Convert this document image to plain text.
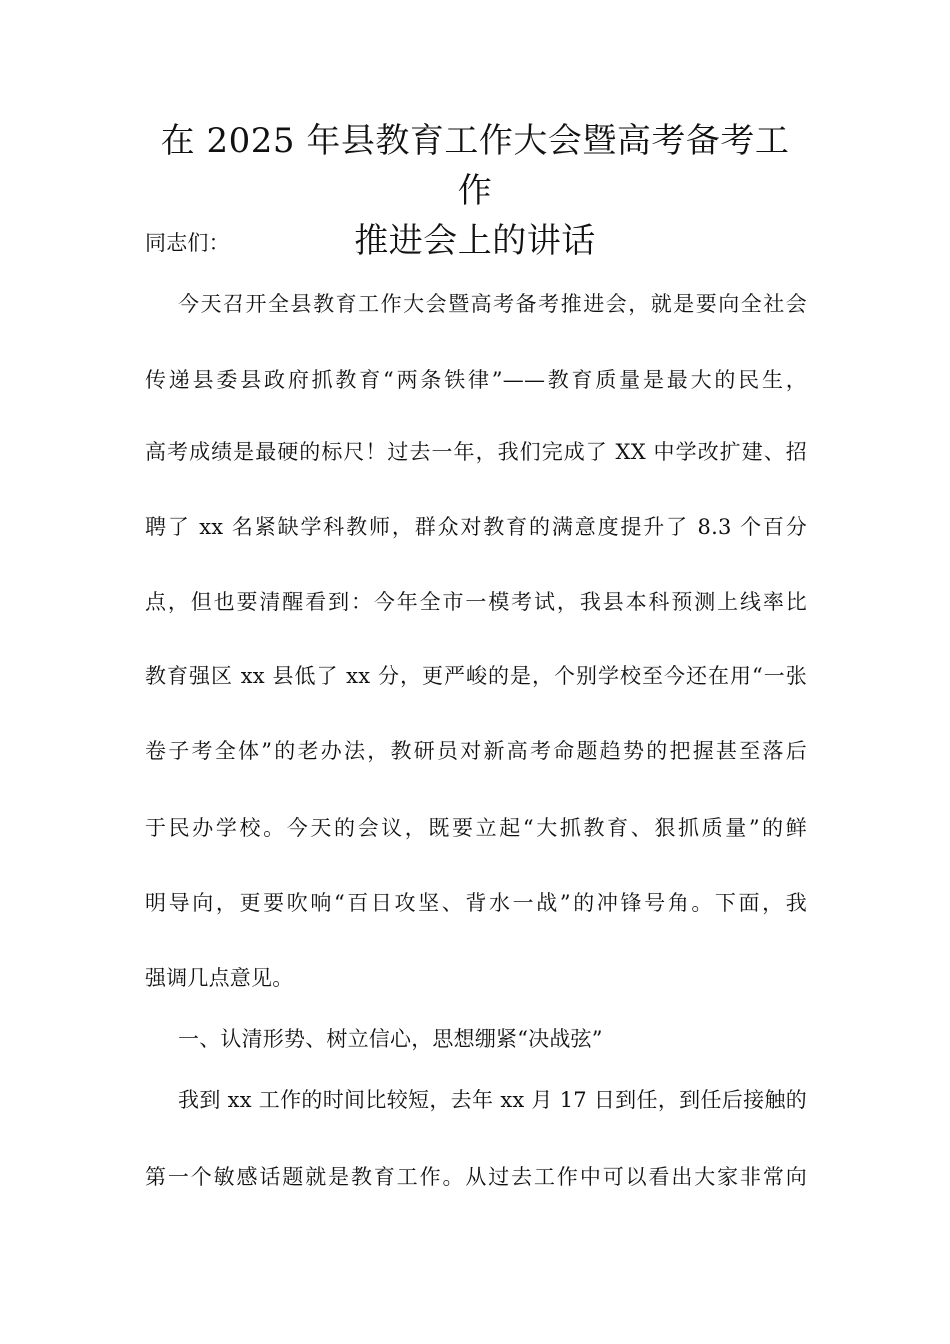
在 2025 年县教育工作大会暨高考备考工作
推进会上的讲话
同志们：
今天召开全县教育工作大会暨高考备考推进会，就是要向全社会
传递县委县政府抓教育“两条铁律”——教育质量是最大的民生，
高考成绩是最硬的标尺！过去一年，我们完成了 XX 中学改扩建、招
聘了 xx 名紧缺学科教师，群众对教育的满意度提升了 8.3 个百分
点，但也要清醒看到：今年全市一模考试，我县本科预测上线率比
教育强区 xx 县低了 xx 分，更严峻的是，个别学校至今还在用“一张
卷子考全体”的老办法，教研员对新高考命题趋势的把握甚至落后
于民办学校。今天的会议，既要立起“大抓教育、狠抓质量”的鲜
明导向，更要吹响“百日攻坚、背水一战”的冲锋号角。下面，我
强调几点意见。
一、认清形势、树立信心，思想绷紧“决战弦”
我到 xx 工作的时间比较短，去年 xx 月 17 日到任，到任后接触的
第一个敏感话题就是教育工作。从过去工作中可以看出大家非常向
